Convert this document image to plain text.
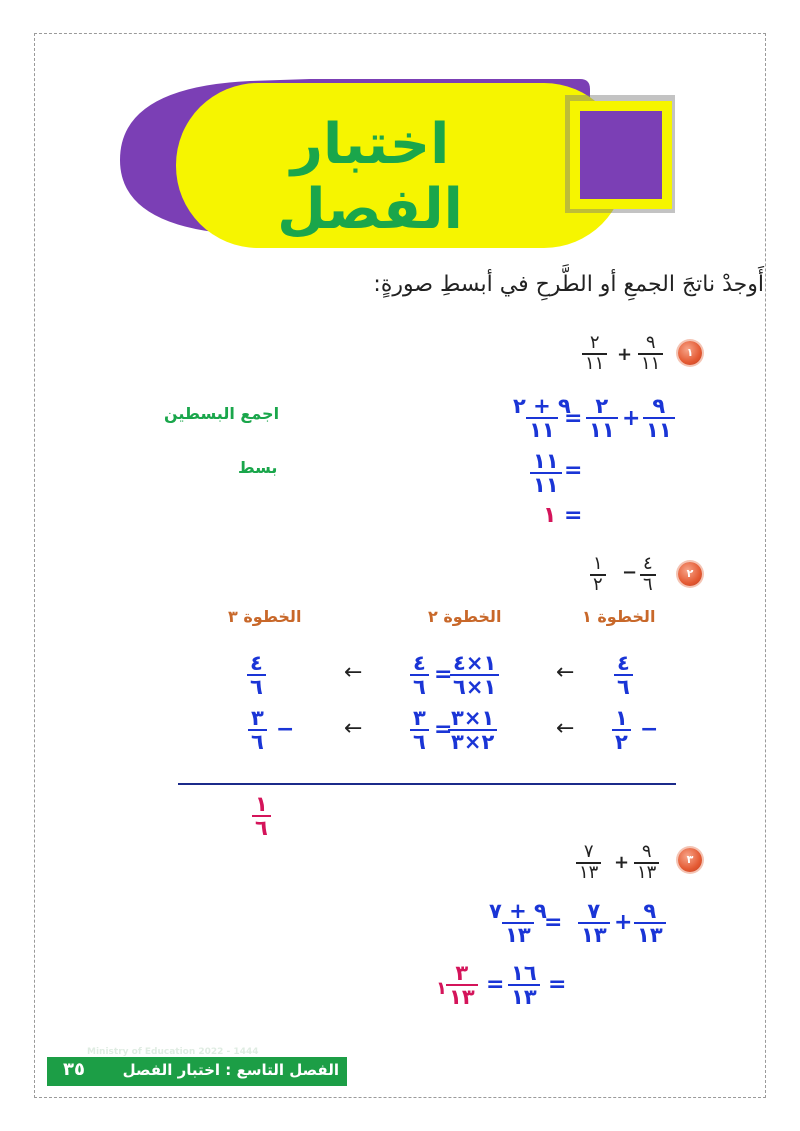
اختبار الفصل
أَوجدْ ناتجَ الجمعِ أو الطَّرحِ في أبسطِ صورةٍ:
١
٩
١١
+
٢
١١
٩
١١
+
٢
١١
=
٩ + ٢
١١
اجمع البسطين
=
١١
١١
بسط
=
١
٢
٤
٦
−
١
٢
الخطوة ١
الخطوة ٢
الخطوة ٣
٤
٦
←
١×٤
١×٦
=
٤
٦
←
٤
٦
−
١
٢
←
١×٣
٢×٣
=
٣
٦
←
−
٣
٦
١
٦
٣
٩
١٣
+
٧
١٣
٩
١٣
+
٧
١٣
=
٩ + ٧
١٣
=
١٦
١٣
=
٣
١٣
١
الفصل التاسع : اختبار الفصل
٣٥
Ministry of Education 2022 - 1444
